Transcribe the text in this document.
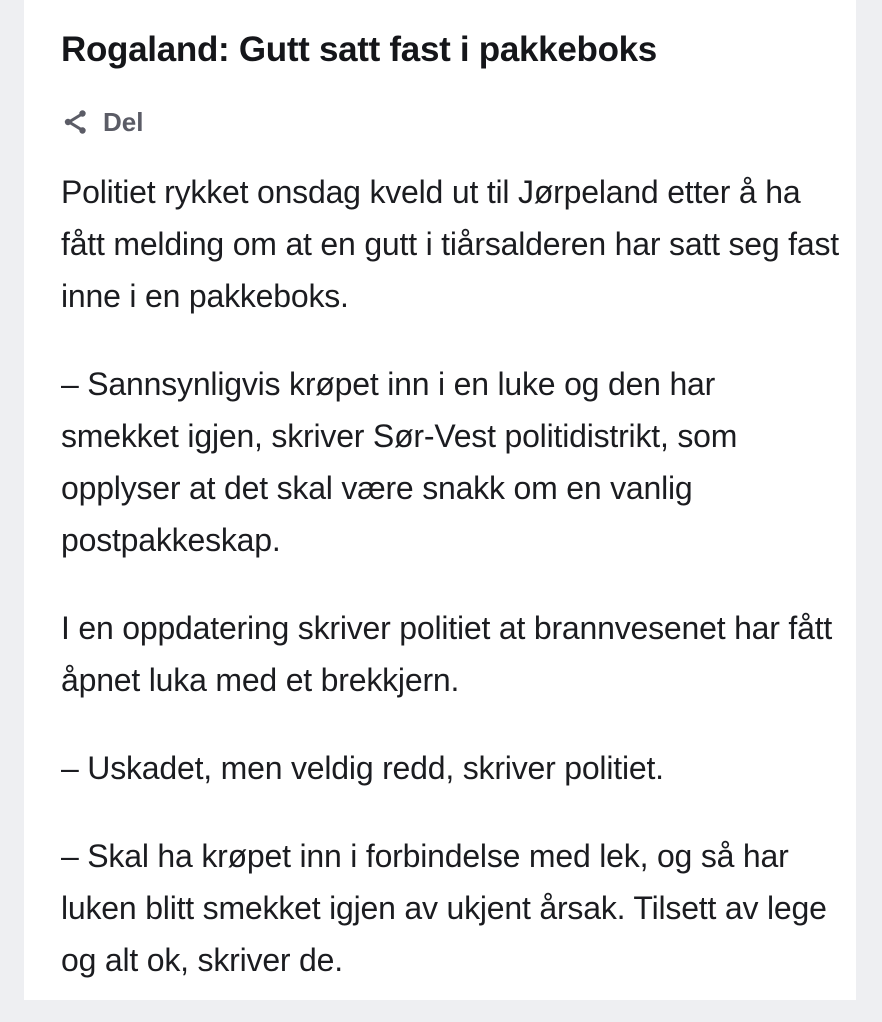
Rogaland: Gutt satt fast i pakkeboks
Del

Politiet rykket onsdag kveld ut til Jørpeland etter å ha fått melding om at en gutt i tiårsalderen har satt seg fast inne i en pakkeboks.

– Sannsynligvis krøpet inn i en luke og den har smekket igjen, skriver Sør-Vest politidistrikt, som opplyser at det skal være snakk om en vanlig postpakkeskap.

I en oppdatering skriver politiet at brannvesenet har fått åpnet luka med et brekkjern.

– Uskadet, men veldig redd, skriver politiet.

– Skal ha krøpet inn i forbindelse med lek, og så har luken blitt smekket igjen av ukjent årsak. Tilsett av lege og alt ok, skriver de.
